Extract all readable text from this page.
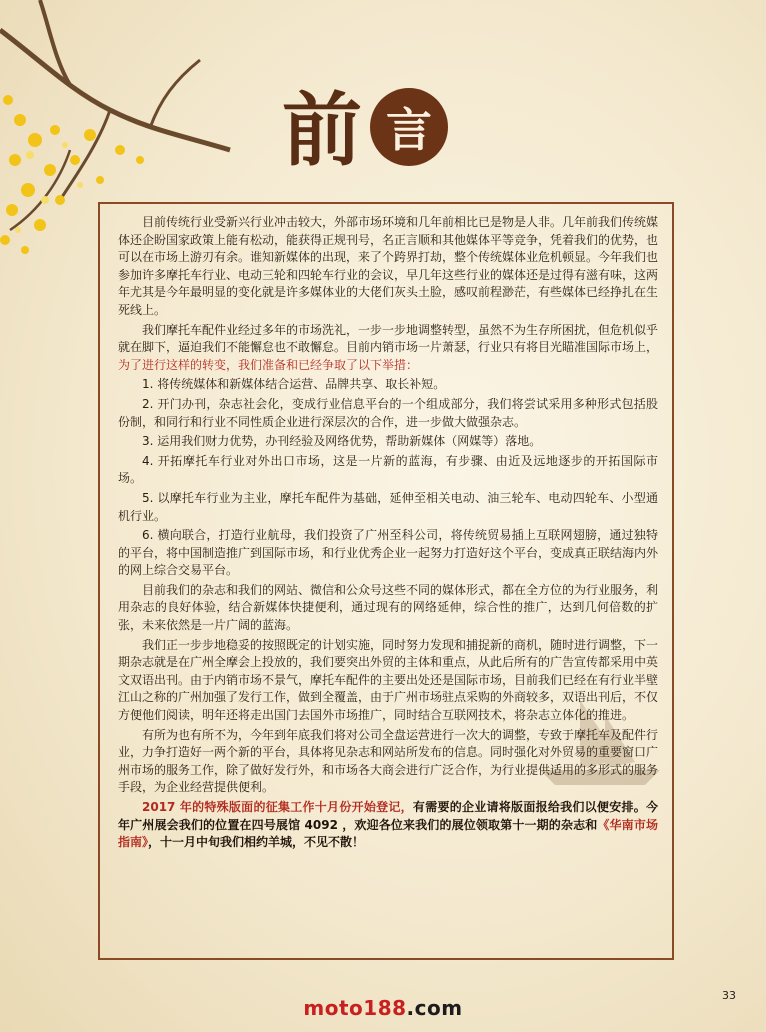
前 言

目前传统行业受新兴行业冲击较大，外部市场环境和几年前相比已是物是人非。几年前我们传统媒体还企盼国家政策上能有松动，能获得正规刊号，名正言顺和其他媒体平等竞争，凭着我们的优势，也可以在市场上游刃有余。谁知新媒体的出现，来了个跨界打劫，整个传统媒体业危机顿显。今年我们也参加许多摩托车行业、电动三轮和四轮车行业的会议，早几年这些行业的媒体还是过得有滋有味，这两年尤其是今年最明显的变化就是许多媒体业的大佬们灰头土脸，感叹前程渺茫，有些媒体已经挣扎在生死线上。

我们摩托车配件业经过多年的市场洗礼，一步一步地调整转型，虽然不为生存所困扰，但危机似乎就在脚下，逼迫我们不能懈怠也不敢懈怠。目前内销市场一片萧瑟，行业只有将目光瞄准国际市场上，为了进行这样的转变，我们准备和已经争取了以下举措：

1. 将传统媒体和新媒体结合运营、品牌共享、取长补短。

2. 开门办刊，杂志社会化，变成行业信息平台的一个组成部分，我们将尝试采用多种形式包括股份制，和同行和行业不同性质企业进行深层次的合作，进一步做大做强杂志。

3. 运用我们财力优势，办刊经验及网络优势，帮助新媒体（网媒等）落地。

4. 开拓摩托车行业对外出口市场，这是一片新的蓝海，有步骤、由近及远地逐步的开拓国际市场。

5. 以摩托车行业为主业，摩托车配件为基础，延伸至相关电动、油三轮车、电动四轮车、小型通机行业。

6. 横向联合，打造行业航母，我们投资了广州至科公司，将传统贸易插上互联网翅膀，通过独特的平台，将中国制造推广到国际市场，和行业优秀企业一起努力打造好这个平台，变成真正联结海内外的网上综合交易平台。

目前我们的杂志和我们的网站、微信和公众号这些不同的媒体形式，都在全方位的为行业服务，利用杂志的良好体验，结合新媒体快捷便利，通过现有的网络延伸，综合性的推广，达到几何倍数的扩张，未来依然是一片广阔的蓝海。

我们正一步步地稳妥的按照既定的计划实施，同时努力发现和捕捉新的商机，随时进行调整，下一期杂志就是在广州全摩会上投放的，我们要突出外贸的主体和重点，从此后所有的广告宣传都采用中英文双语出刊。由于内销市场不景气，摩托车配件的主要出处还是国际市场，目前我们已经在有行业半壁江山之称的广州加强了发行工作，做到全覆盖，由于广州市场驻点采购的外商较多，双语出刊后，不仅方便他们阅读，明年还将走出国门去国外市场推广，同时结合互联网技术，将杂志立体化的推进。

有所为也有所不为，今年到年底我们将对公司全盘运营进行一次大的调整，专致于摩托车及配件行业，力争打造好一两个新的平台，具体将见杂志和网站所发布的信息。同时强化对外贸易的重要窗口广州市场的服务工作，除了做好发行外，和市场各大商会进行广泛合作，为行业提供适用的多形式的服务手段，为企业经营提供便利。

2017 年的特殊版面的征集工作十月份开始登记，有需要的企业请将版面报给我们以便安排。今年广州展会我们的位置在四号展馆 4092 ，欢迎各位来我们的展位领取第十一期的杂志和《华南市场指南》，十一月中旬我们相约羊城，不见不散！

moto188.com
33
